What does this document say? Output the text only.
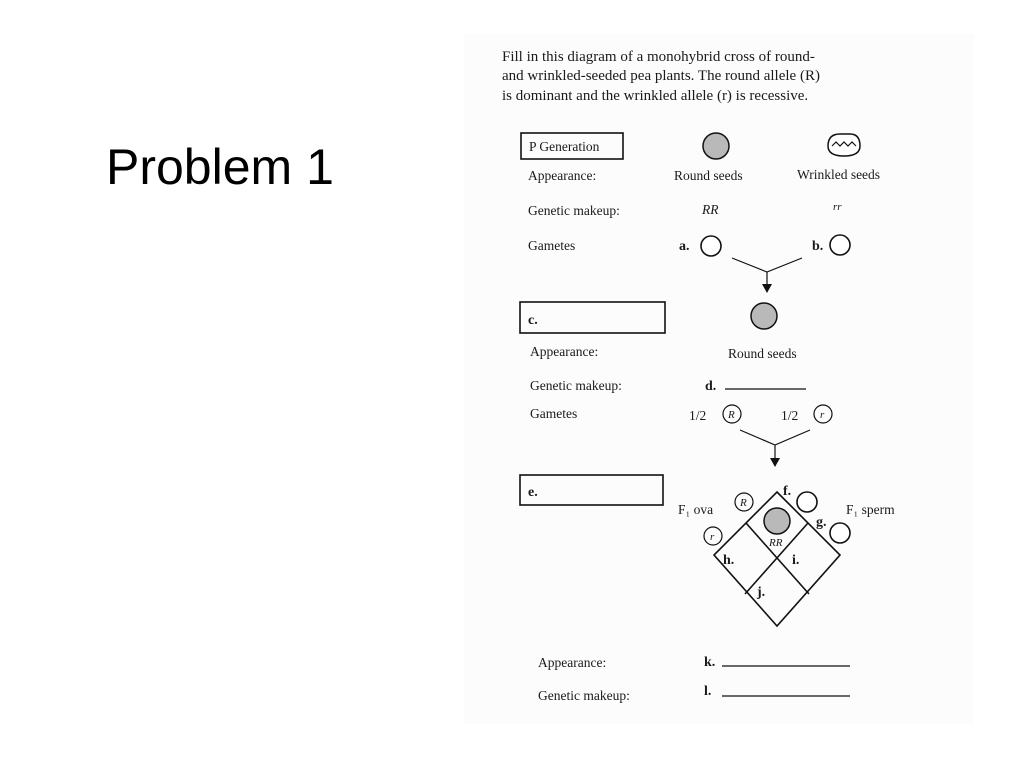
Problem 1
Fill in this diagram of a monohybrid cross of round-
and wrinkled-seeded pea plants. The round allele (R)
is dominant and the wrinkled allele (r) is recessive.
P Generation
Appearance:	Round seeds	Wrinkled seeds
Genetic makeup:	RR	rr
Gametes	a.	b.
c.
Appearance:	Round seeds
Genetic makeup:	d.
Gametes	1/2 R	1/2 r
e.
F₁ ova	F₁ sperm
R
r
f.
g.
RR
h.	i.
j.
Appearance:	k.
Genetic makeup:	l.
